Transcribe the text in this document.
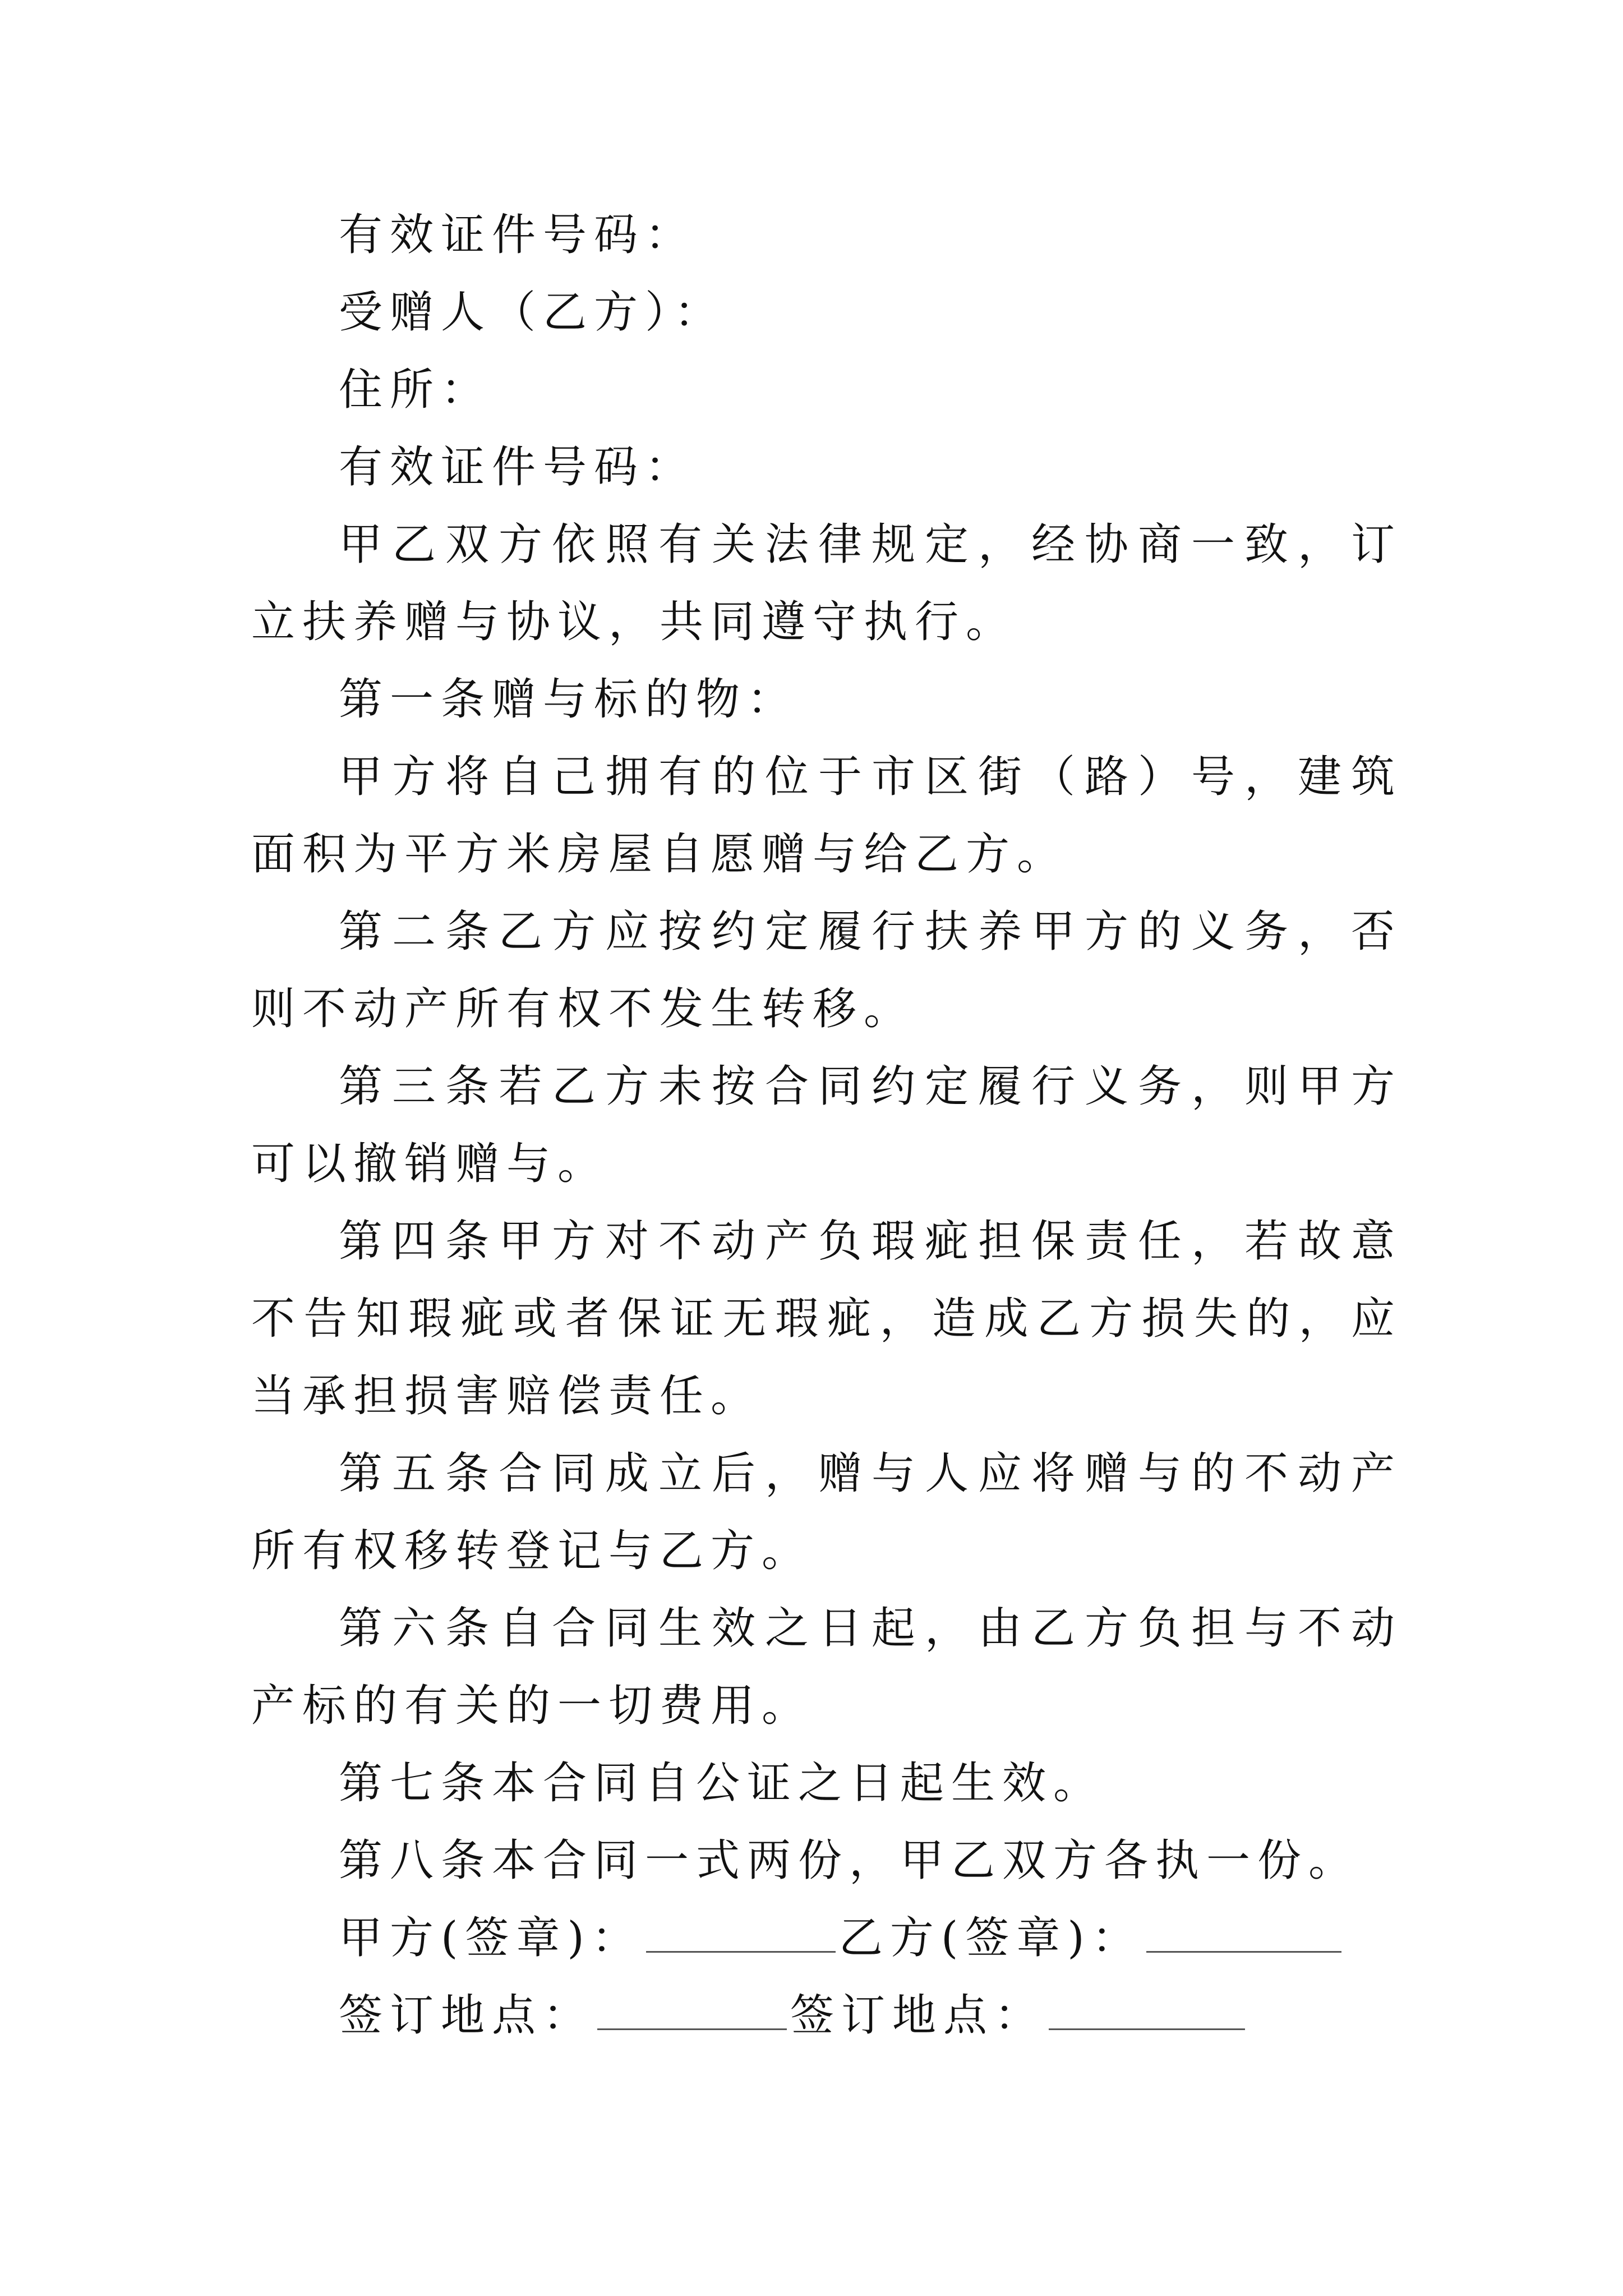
有效证件号码：

受赠人（乙方）：

住所：

有效证件号码：

甲乙双方依照有关法律规定，经协商一致，订立扶养赠与协议，共同遵守执行。

第一条赠与标的物：

甲方将自己拥有的位于市区街（路）号，建筑面积为平方米房屋自愿赠与给乙方。

第二条乙方应按约定履行扶养甲方的义务，否则不动产所有权不发生转移。

第三条若乙方未按合同约定履行义务，则甲方可以撤销赠与。

第四条甲方对不动产负瑕疵担保责任，若故意不告知瑕疵或者保证无瑕疵，造成乙方损失的，应当承担损害赔偿责任。

第五条合同成立后，赠与人应将赠与的不动产所有权移转登记与乙方。

第六条自合同生效之日起，由乙方负担与不动产标的有关的一切费用。

第七条本合同自公证之日起生效。

第八条本合同一式两份，甲乙双方各执一份。

甲方(签章)：	乙方(签章)：

签订地点：	签订地点：
